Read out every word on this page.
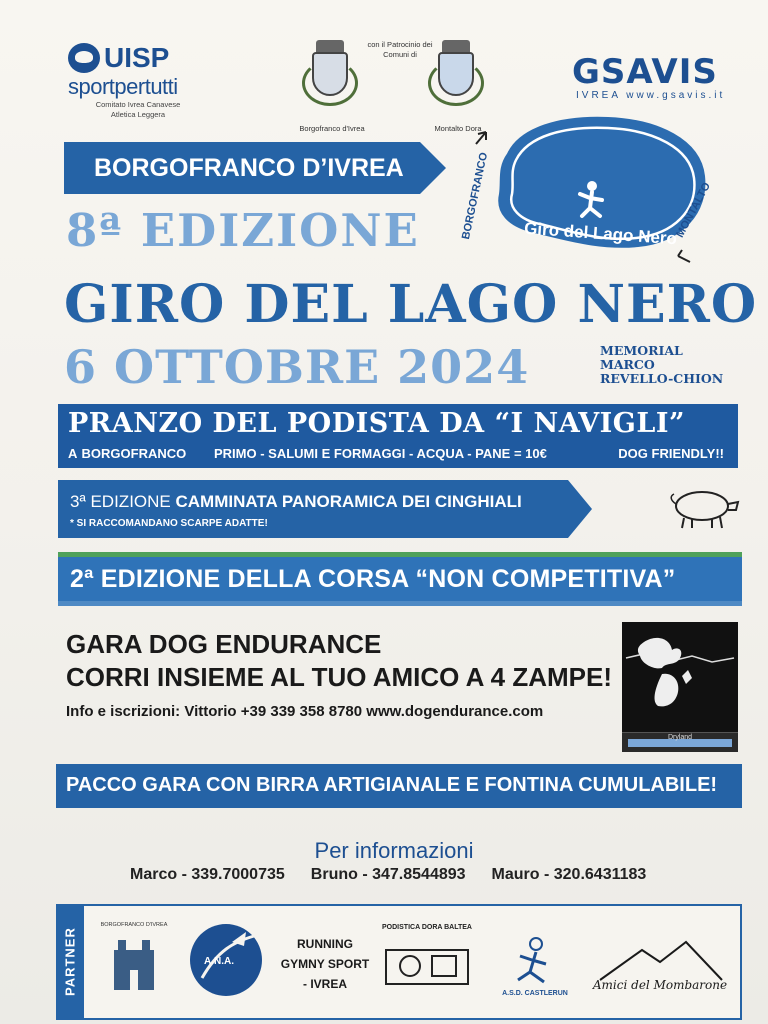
UISP
sportpertutti
Comitato Ivrea Canavese
Atletica Leggera
con il Patrocinio dei Comuni di
Borgofranco d'Ivrea	Montalto Dora
GSAVIS
IVREA www.gsavis.it
BORGOFRANCO D’IVREA	BORGOFRANCO	MONTALTO
Giro del Lago Nero
8ª EDIZIONE
GIRO DEL LAGO NERO
6 OTTOBRE 2024	MEMORIAL
MARCO
REVELLO-CHION
PRANZO DEL PODISTA DA “I NAVIGLI”
A BORGOFRANCO PRIMO - SALUMI E FORMAGGI - ACQUA - PANE = 10€	DOG FRIENDLY!!
3ª EDIZIONE CAMMINATA PANORAMICA DEI CINGHIALI
* SI RACCOMANDANO SCARPE ADATTE!
2ª EDIZIONE DELLA CORSA “NON COMPETITIVA”
GARA DOG ENDURANCE
CORRI INSIEME AL TUO AMICO A 4 ZAMPE!
Info e iscrizioni: Vittorio +39 339 358 8780 www.dogendurance.com
Dryland
PACCO GARA CON BIRRA ARTIGIANALE E FONTINA CUMULABILE!
Per informazioni
Marco - 339.7000735 Bruno - 347.8544893 Mauro - 320.6431183
PARTNER
BORGOFRANCO D'IVREA
A.N.A.
RUNNING GYMNY SPORT - IVREA
PODISTICA DORA BALTEA
A.S.D. CASTLERUN
Amici del Mombarone
